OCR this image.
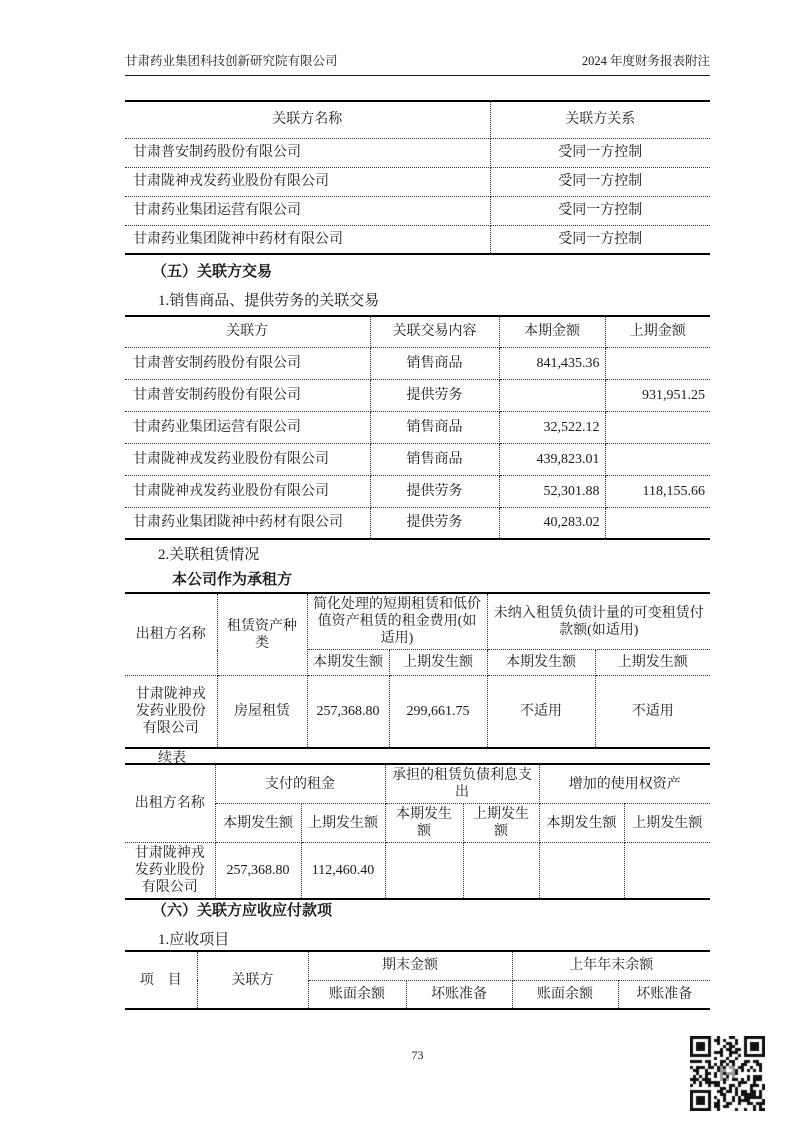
甘肃药业集团科技创新研究院有限公司	2024 年度财务报表附注
关联方名称	关联方关系
甘肃普安制药股份有限公司	受同一方控制
甘肃陇神戎发药业股份有限公司	受同一方控制
甘肃药业集团运营有限公司	受同一方控制
甘肃药业集团陇神中药材有限公司	受同一方控制
（五）关联方交易
1.销售商品、提供劳务的关联交易
关联方	关联交易内容	本期金额	上期金额
甘肃普安制药股份有限公司	销售商品	841,435.36	
甘肃普安制药股份有限公司	提供劳务		931,951.25
甘肃药业集团运营有限公司	销售商品	32,522.12	
甘肃陇神戎发药业股份有限公司	销售商品	439,823.01	
甘肃陇神戎发药业股份有限公司	提供劳务	52,301.88	118,155.66
甘肃药业集团陇神中药材有限公司	提供劳务	40,283.02	
2.关联租赁情况
本公司作为承租方
出租方名称	租赁资产种类	简化处理的短期租赁和低价值资产租赁的租金费用(如适用)		未纳入租赁负债计量的可变租赁付款额(如适用)	
		本期发生额	上期发生额	本期发生额	上期发生额
甘肃陇神戎发药业股份有限公司	房屋租赁	257,368.80	299,661.75	不适用	不适用
续表
出租方名称	支付的租金		承担的租赁负债利息支出		增加的使用权资产	
	本期发生额	上期发生额	本期发生额	上期发生额	本期发生额	上期发生额
甘肃陇神戎发药业股份有限公司	257,368.80	112,460.40				
（六）关联方应收应付款项
1.应收项目
项　目	关联方	期末金额		上年年末余额	
		账面余额	坏账准备	账面余额	坏账准备
73
